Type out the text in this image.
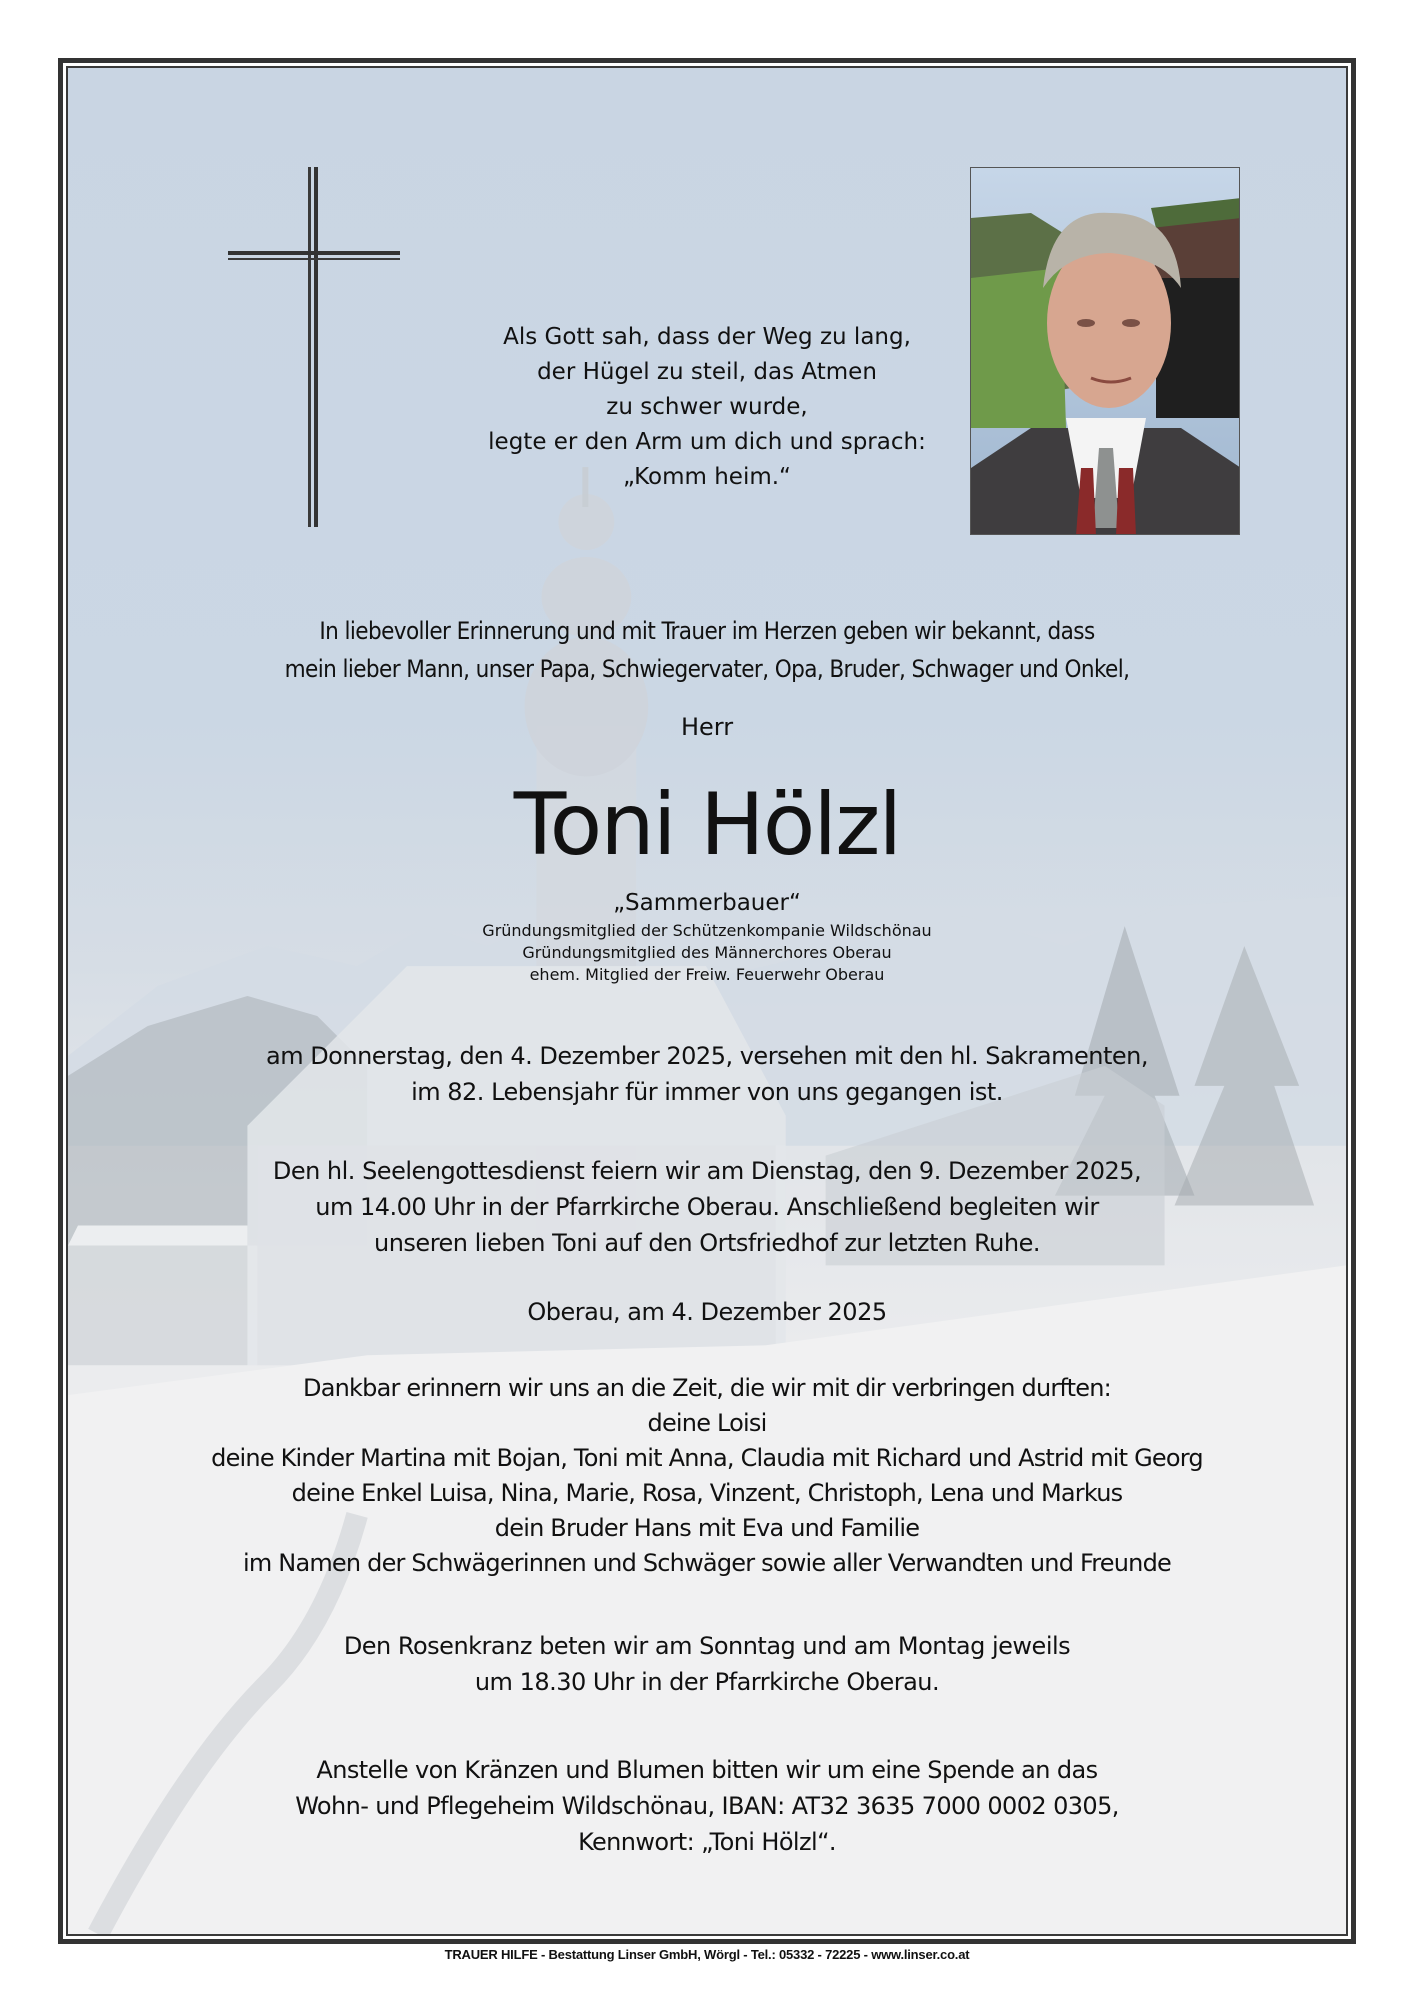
Als Gott sah, dass der Weg zu lang,
der Hügel zu steil, das Atmen
zu schwer wurde,
legte er den Arm um dich und sprach:
„Komm heim.“
In liebevoller Erinnerung und mit Trauer im Herzen geben wir bekannt, dass
mein lieber Mann, unser Papa, Schwiegervater, Opa, Bruder, Schwager und Onkel,
Herr
Toni Hölzl
„Sammerbauer“
Gründungsmitglied der Schützenkompanie Wildschönau
Gründungsmitglied des Männerchores Oberau
ehem. Mitglied der Freiw. Feuerwehr Oberau
am Donnerstag, den 4. Dezember 2025, versehen mit den hl. Sakramenten,
im 82. Lebensjahr für immer von uns gegangen ist.
Den hl. Seelengottesdienst feiern wir am Dienstag, den 9. Dezember 2025,
um 14.00 Uhr in der Pfarrkirche Oberau. Anschließend begleiten wir
unseren lieben Toni auf den Ortsfriedhof zur letzten Ruhe.
Oberau, am 4. Dezember 2025
Dankbar erinnern wir uns an die Zeit, die wir mit dir verbringen durften:
deine Loisi
deine Kinder Martina mit Bojan, Toni mit Anna, Claudia mit Richard und Astrid mit Georg
deine Enkel Luisa, Nina, Marie, Rosa, Vinzent, Christoph, Lena und Markus
dein Bruder Hans mit Eva und Familie
im Namen der Schwägerinnen und Schwäger sowie aller Verwandten und Freunde
Den Rosenkranz beten wir am Sonntag und am Montag jeweils
um 18.30 Uhr in der Pfarrkirche Oberau.
Anstelle von Kränzen und Blumen bitten wir um eine Spende an das
Wohn- und Pflegeheim Wildschönau, IBAN: AT32 3635 7000 0002 0305,
Kennwort: „Toni Hölzl“.
TRAUER HILFE - Bestattung Linser GmbH, Wörgl - Tel.: 05332 - 72225 - www.linser.co.at
